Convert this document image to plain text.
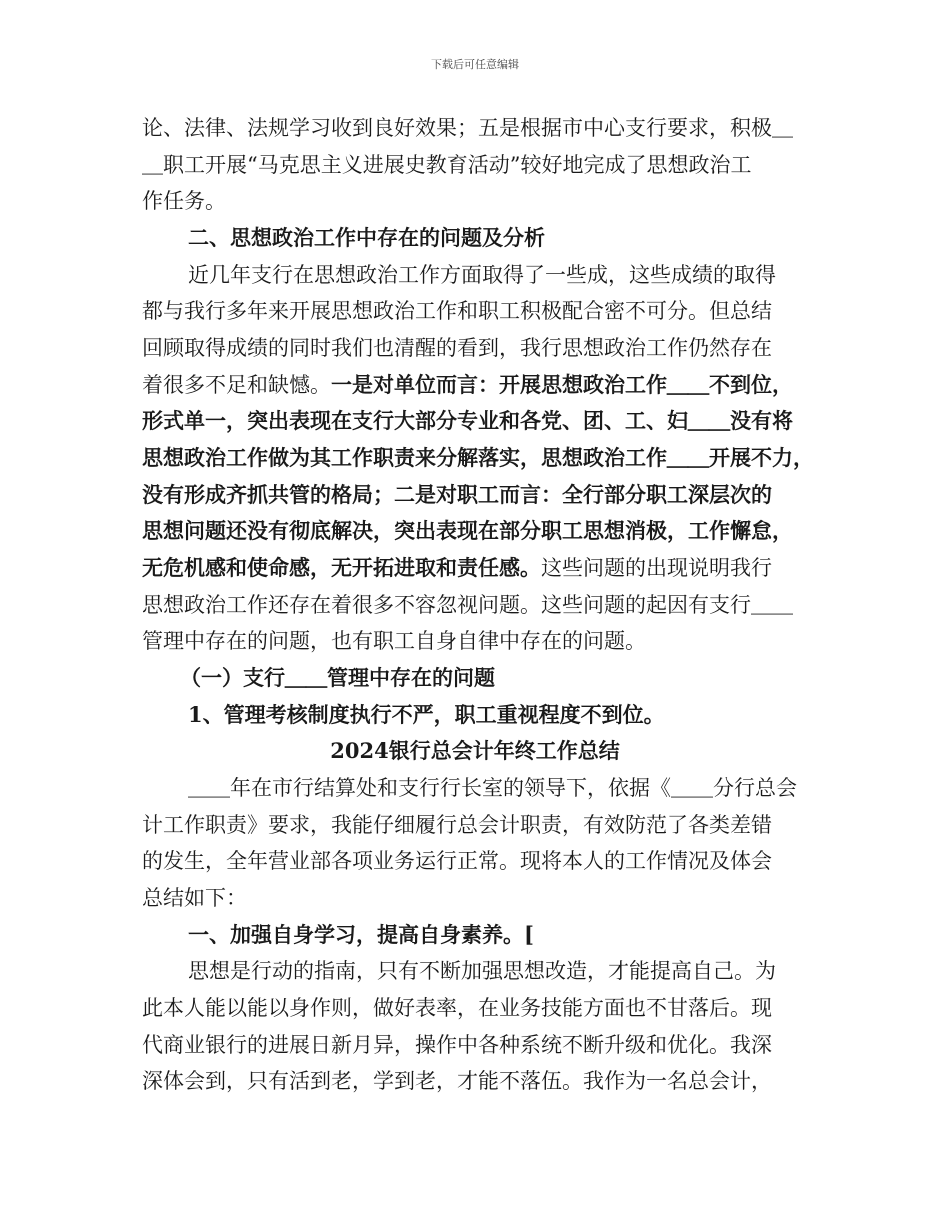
下载后可任意编辑
论、法律、法规学习收到良好效果；五是根据市中心支行要求，积极＿
＿职工开展“马克思主义进展史教育活动”较好地完成了思想政治工
作任务。
二、思想政治工作中存在的问题及分析
近几年支行在思想政治工作方面取得了一些成，这些成绩的取得
都与我行多年来开展思想政治工作和职工积极配合密不可分。但总结
回顾取得成绩的同时我们也清醒的看到，我行思想政治工作仍然存在
着很多不足和缺憾。一是对单位而言：开展思想政治工作＿＿不到位，
形式单一，突出表现在支行大部分专业和各党、团、工、妇＿＿没有将
思想政治工作做为其工作职责来分解落实，思想政治工作＿＿开展不力，
没有形成齐抓共管的格局；二是对职工而言：全行部分职工深层次的
思想问题还没有彻底解决，突出表现在部分职工思想消极，工作懈怠，
无危机感和使命感，无开拓进取和责任感。这些问题的出现说明我行
思想政治工作还存在着很多不容忽视问题。这些问题的起因有支行＿＿
管理中存在的问题，也有职工自身自律中存在的问题。
（一）支行＿＿管理中存在的问题
1、管理考核制度执行不严，职工重视程度不到位。
2024银行总会计年终工作总结
＿＿年在市行结算处和支行行长室的领导下，依据《＿＿分行总会
计工作职责》要求，我能仔细履行总会计职责，有效防范了各类差错
的发生，全年营业部各项业务运行正常。现将本人的工作情况及体会
总结如下：
一、加强自身学习，提高自身素养。[
思想是行动的指南，只有不断加强思想改造，才能提高自己。为
此本人能以能以身作则，做好表率，在业务技能方面也不甘落后。现
代商业银行的进展日新月异，操作中各种系统不断升级和优化。我深
深体会到，只有活到老，学到老，才能不落伍。我作为一名总会计，
